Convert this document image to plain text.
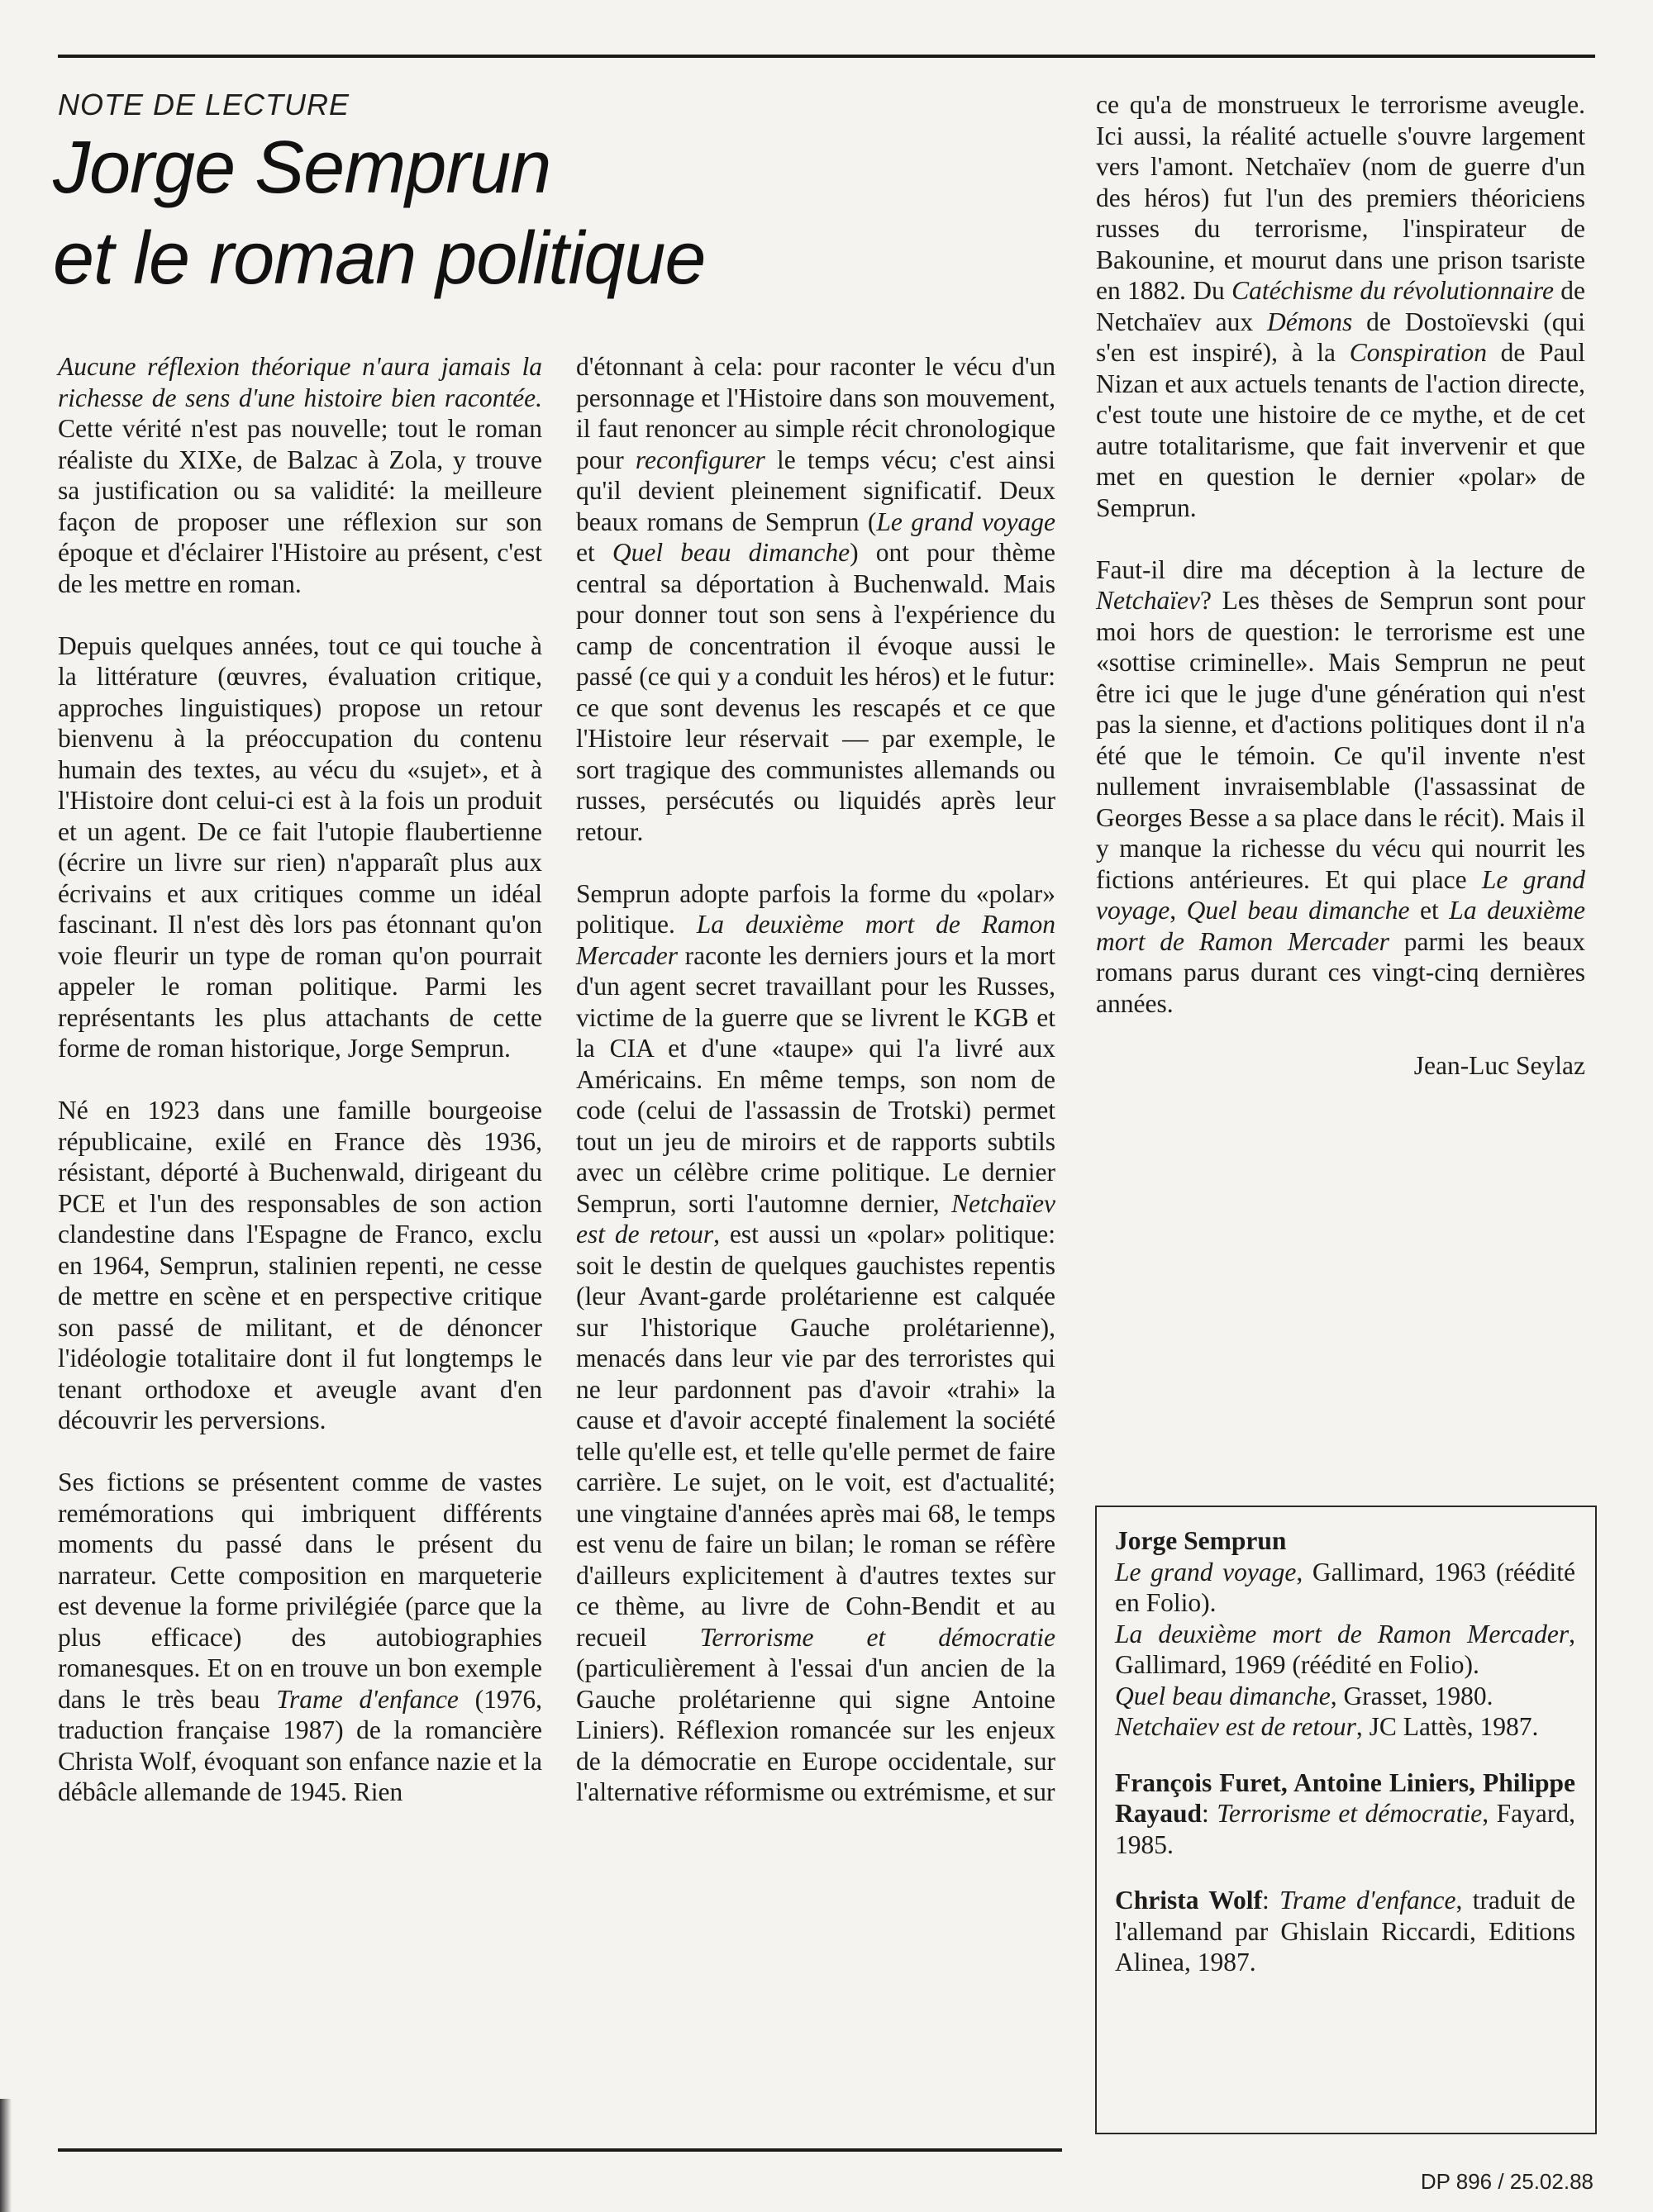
NOTE DE LECTURE
Jorge Semprun
et le roman politique

Aucune réflexion théorique n'aura jamais la richesse de sens d'une histoire bien racontée. Cette vérité n'est pas nouvelle; tout le roman réaliste du XIXe, de Balzac à Zola, y trouve sa justification ou sa validité: la meilleure façon de proposer une réflexion sur son époque et d'éclairer l'Histoire au présent, c'est de les mettre en roman.

Depuis quelques années, tout ce qui touche à la littérature (œuvres, évaluation critique, approches linguistiques) propose un retour bienvenu à la préoccupation du contenu humain des textes, au vécu du «sujet», et à l'Histoire dont celui-ci est à la fois un produit et un agent. De ce fait l'utopie flaubertienne (écrire un livre sur rien) n'apparaît plus aux écrivains et aux critiques comme un idéal fascinant. Il n'est dès lors pas étonnant qu'on voie fleurir un type de roman qu'on pourrait appeler le roman politique. Parmi les représentants les plus attachants de cette forme de roman historique, Jorge Semprun.

Né en 1923 dans une famille bourgeoise républicaine, exilé en France dès 1936, résistant, déporté à Buchenwald, dirigeant du PCE et l'un des responsables de son action clandestine dans l'Espagne de Franco, exclu en 1964, Semprun, stalinien repenti, ne cesse de mettre en scène et en perspective critique son passé de militant, et de dénoncer l'idéologie totalitaire dont il fut longtemps le tenant orthodoxe et aveugle avant d'en découvrir les perversions.

Ses fictions se présentent comme de vastes remémorations qui imbriquent différents moments du passé dans le présent du narrateur. Cette composition en marqueterie est devenue la forme privilégiée (parce que la plus efficace) des autobiographies romanesques. Et on en trouve un bon exemple dans le très beau Trame d'enfance (1976, traduction française 1987) de la romancière Christa Wolf, évoquant son enfance nazie et la débâcle allemande de 1945. Rien

d'étonnant à cela: pour raconter le vécu d'un personnage et l'Histoire dans son mouvement, il faut renoncer au simple récit chronologique pour reconfigurer le temps vécu; c'est ainsi qu'il devient pleinement significatif. Deux beaux romans de Semprun (Le grand voyage et Quel beau dimanche) ont pour thème central sa déportation à Buchenwald. Mais pour donner tout son sens à l'expérience du camp de concentration il évoque aussi le passé (ce qui y a conduit les héros) et le futur: ce que sont devenus les rescapés et ce que l'Histoire leur réservait — par exemple, le sort tragique des communistes allemands ou russes, persécutés ou liquidés après leur retour.

Semprun adopte parfois la forme du «polar» politique. La deuxième mort de Ramon Mercader raconte les derniers jours et la mort d'un agent secret travaillant pour les Russes, victime de la guerre que se livrent le KGB et la CIA et d'une «taupe» qui l'a livré aux Américains. En même temps, son nom de code (celui de l'assassin de Trotski) permet tout un jeu de miroirs et de rapports subtils avec un célèbre crime politique. Le dernier Semprun, sorti l'automne dernier, Netchaïev est de retour, est aussi un «polar» politique: soit le destin de quelques gauchistes repentis (leur Avant-garde prolétarienne est calquée sur l'historique Gauche prolétarienne), menacés dans leur vie par des terroristes qui ne leur pardonnent pas d'avoir «trahi» la cause et d'avoir accepté finalement la société telle qu'elle est, et telle qu'elle permet de faire carrière. Le sujet, on le voit, est d'actualité; une vingtaine d'années après mai 68, le temps est venu de faire un bilan; le roman se réfère d'ailleurs explicitement à d'autres textes sur ce thème, au livre de Cohn-Bendit et au recueil Terrorisme et démocratie (particulièrement à l'essai d'un ancien de la Gauche prolétarienne qui signe Antoine Liniers). Réflexion romancée sur les enjeux de la démocratie en Europe occidentale, sur l'alternative réformisme ou extrémisme, et sur

ce qu'a de monstrueux le terrorisme aveugle. Ici aussi, la réalité actuelle s'ouvre largement vers l'amont. Netchaïev (nom de guerre d'un des héros) fut l'un des premiers théoriciens russes du terrorisme, l'inspirateur de Bakounine, et mourut dans une prison tsariste en 1882. Du Catéchisme du révolutionnaire de Netchaïev aux Démons de Dostoïevski (qui s'en est inspiré), à la Conspiration de Paul Nizan et aux actuels tenants de l'action directe, c'est toute une histoire de ce mythe, et de cet autre totalitarisme, que fait invervenir et que met en question le dernier «polar» de Semprun.

Faut-il dire ma déception à la lecture de Netchaïev? Les thèses de Semprun sont pour moi hors de question: le terrorisme est une «sottise criminelle». Mais Semprun ne peut être ici que le juge d'une génération qui n'est pas la sienne, et d'actions politiques dont il n'a été que le témoin. Ce qu'il invente n'est nullement invraisemblable (l'assassinat de Georges Besse a sa place dans le récit). Mais il y manque la richesse du vécu qui nourrit les fictions antérieures. Et qui place Le grand voyage, Quel beau dimanche et La deuxième mort de Ramon Mercader parmi les beaux romans parus durant ces vingt-cinq dernières années.

Jean-Luc Seylaz

Jorge Semprun
Le grand voyage, Gallimard, 1963 (réédité en Folio).
La deuxième mort de Ramon Mercader, Gallimard, 1969 (réédité en Folio).
Quel beau dimanche, Grasset, 1980.
Netchaïev est de retour, JC Lattès, 1987.

François Furet, Antoine Liniers, Philippe Rayaud: Terrorisme et démocratie, Fayard, 1985.

Christa Wolf: Trame d'enfance, traduit de l'allemand par Ghislain Riccardi, Editions Alinea, 1987.

DP 896 / 25.02.88
